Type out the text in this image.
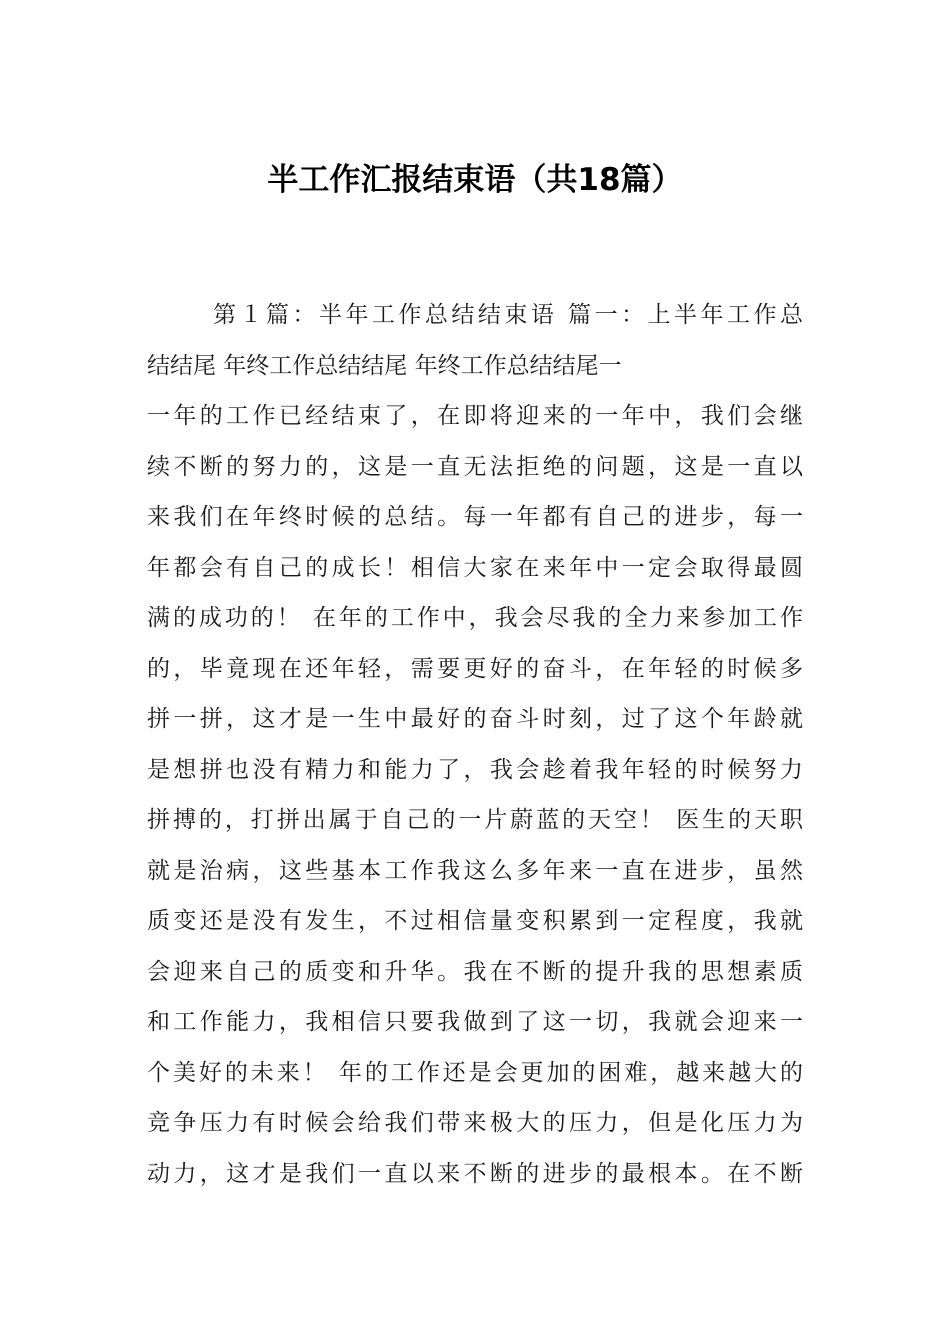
半工作汇报结束语（共18篇）
第１篇：半年工作总结结束语 篇一：上半年工作总
结结尾 年终工作总结结尾 年终工作总结结尾一
一年的工作已经结束了，在即将迎来的一年中，我们会继
续不断的努力的，这是一直无法拒绝的问题，这是一直以
来我们在年终时候的总结。每一年都有自己的进步，每一
年都会有自己的成长！相信大家在来年中一定会取得最圆
满的成功的！ 在年的工作中，我会尽我的全力来参加工作
的，毕竟现在还年轻，需要更好的奋斗，在年轻的时候多
拼一拼，这才是一生中最好的奋斗时刻，过了这个年龄就
是想拼也没有精力和能力了，我会趁着我年轻的时候努力
拼搏的，打拼出属于自己的一片蔚蓝的天空！ 医生的天职
就是治病，这些基本工作我这么多年来一直在进步，虽然
质变还是没有发生，不过相信量变积累到一定程度，我就
会迎来自己的质变和升华。我在不断的提升我的思想素质
和工作能力，我相信只要我做到了这一切，我就会迎来一
个美好的未来！ 年的工作还是会更加的困难，越来越大的
竞争压力有时候会给我们带来极大的压力，但是化压力为
动力，这才是我们一直以来不断的进步的最根本。在不断
